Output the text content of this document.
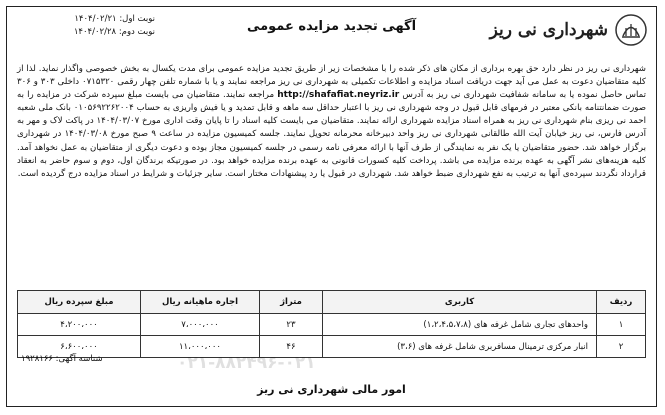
شهرداری نی ریز
آگهی تجدید مزایده عمومی
نوبت اول: ۱۴۰۴/۰۲/۲۱
نوبت دوم: ۱۴۰۴/۰۲/۲۸
شهرداری نی ریز در نظر دارد حق بهره برداری از مکان های ذکر شده را با مشخصات زیر از طریق تجدید مزایده عمومی برای مدت یکسال به بخش خصوصی واگذار نماید. لذا از کلیه متقاضیان دعوت به عمل می آید جهت دریافت اسناد مزایده و اطلاعات تکمیلی به شهرداری نی ریز مراجعه نمایند و یا با شماره تلفن چهار رقمی ۰۷۱۵۳۲۰ داخلی ۳۰۳ و ۳۰۶ تماس حاصل نموده یا به سامانه شفافیت شهرداری نی ریز به آدرس http://shafafiat.neyriz.ir مراجعه نمایند. متقاضیان می بایست مبلغ سپرده شرکت در مزایده را به صورت ضمانتنامه بانکی معتبر در فرمهای قابل قبول در وجه شهرداری نی ریز با اعتبار حداقل سه ماهه و قابل تمدید و یا فیش واریزی به حساب ۰۱۰۵۶۹۲۲۶۲۰۰۴ بانک ملی شعبه احمد نی ریزی بنام شهرداری نی ریز به همراه اسناد مزایده شهرداری ارائه نمایند. متقاضیان می بایست کلیه اسناد را تا پایان وقت اداری مورخ ۱۴۰۴/۰۳/۰۷ در پاکت لاک و مهر به آدرس فارس، نی ریز خیابان آیت الله طالقانی شهرداری نی ریز واحد دبیرخانه محرمانه تحویل نمایند. جلسه کمیسیون مزایده در ساعت ۹ صبح مورخ ۱۴۰۴/۰۳/۰۸ در شهرداری برگزار خواهد شد. حضور متقاضیان یا یک نفر به نمایندگی از طرف آنها با ارائه معرفی نامه رسمی در جلسه کمیسیون مجاز بوده و دعوت دیگری از متقاضیان به عمل نخواهد آمد. کلیه هزینه‌های نشر آگهی به عهده برنده مزایده می باشد. پرداخت کلیه کسورات قانونی به عهده برنده مزایده خواهد بود. در صورتیکه برندگان اول، دوم و سوم حاضر به انعقاد قرارداد نگردند سپرده‌ی آنها به ترتیب به نفع شهرداری ضبط خواهد شد. شهرداری در قبول یا رد پیشنهادات مختار است. سایر جزئیات و شرایط در اسناد مزایده درج گردیده است.
ردیف	کاربری	متراژ	اجاره ماهیانه ریال	مبلغ سپرده ریال
۱	واحدهای تجاری شامل غرفه های (۱،۲،۴،۵،۷،۸)	۲۳	۷،۰۰۰،۰۰۰	۴،۲۰۰،۰۰۰
۲	انبار مرکزی ترمینال مسافربری شامل غرفه های (۳،۶)	۴۶	۱۱،۰۰۰،۰۰۰	۶،۶۰۰،۰۰۰
۰۲۱-۸۸۲۴۹۶-۰۲۱
شناسه آگهی: ۱۹۲۸۱۶۶
امور مالی شهرداری نی ریز
